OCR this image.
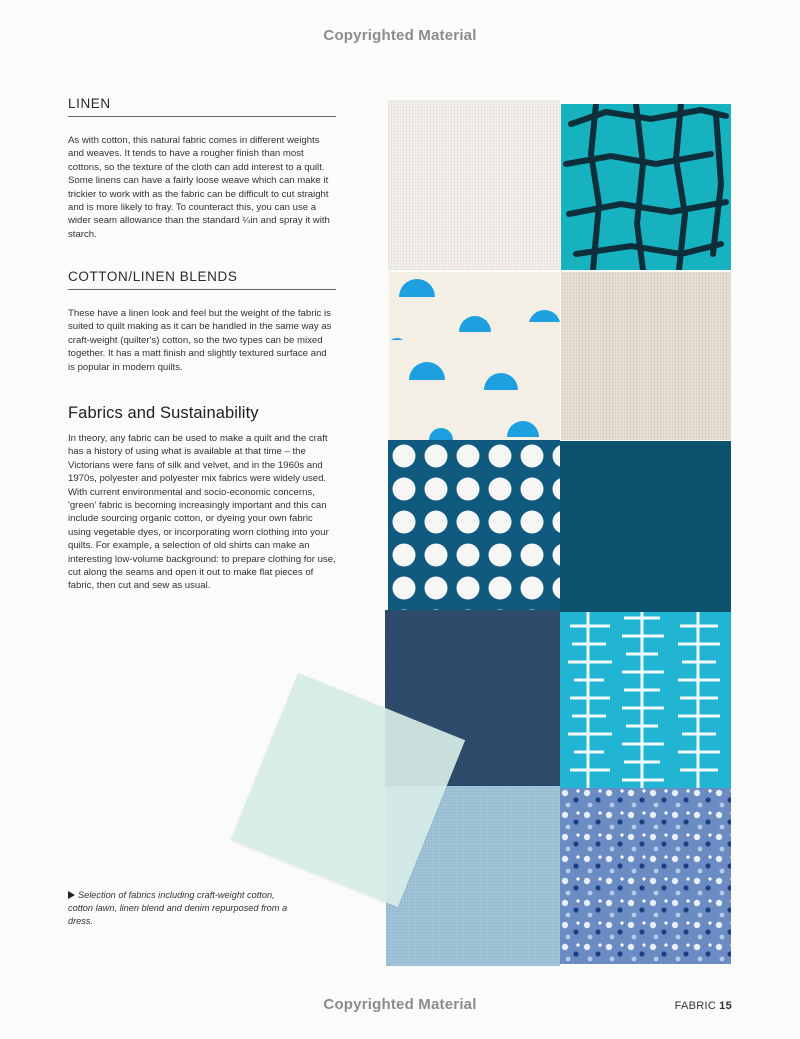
Copyrighted Material
LINEN

As with cotton, this natural fabric comes in different weights and weaves. It tends to have a rougher finish than most cottons, so the texture of the cloth can add interest to a quilt. Some linens can have a fairly loose weave which can make it trickier to work with as the fabric can be difficult to cut straight and is more likely to fray. To counteract this, you can use a wider seam allowance than the standard ¼in and spray it with starch.

COTTON/LINEN BLENDS

These have a linen look and feel but the weight of the fabric is suited to quilt making as it can be handled in the same way as craft-weight (quilter's) cotton, so the two types can be mixed together. It has a matt finish and slightly textured surface and is popular in modern quilts.

Fabrics and Sustainability

In theory, any fabric can be used to make a quilt and the craft has a history of using what is available at that time – the Victorians were fans of silk and velvet, and in the 1960s and 1970s, polyester and polyester mix fabrics were widely used. With current environmental and socio-economic concerns, 'green' fabric is becoming increasingly important and this can include sourcing organic cotton, or dyeing your own fabric using vegetable dyes, or incorporating worn clothing into your quilts. For example, a selection of old shirts can make an interesting low-volume background: to prepare clothing for use, cut along the seams and open it out to make flat pieces of fabric, then cut and sew as usual.

Selection of fabrics including craft-weight cotton, cotton lawn, linen blend and denim repurposed from a dress.
Copyrighted Material	FABRIC 15
